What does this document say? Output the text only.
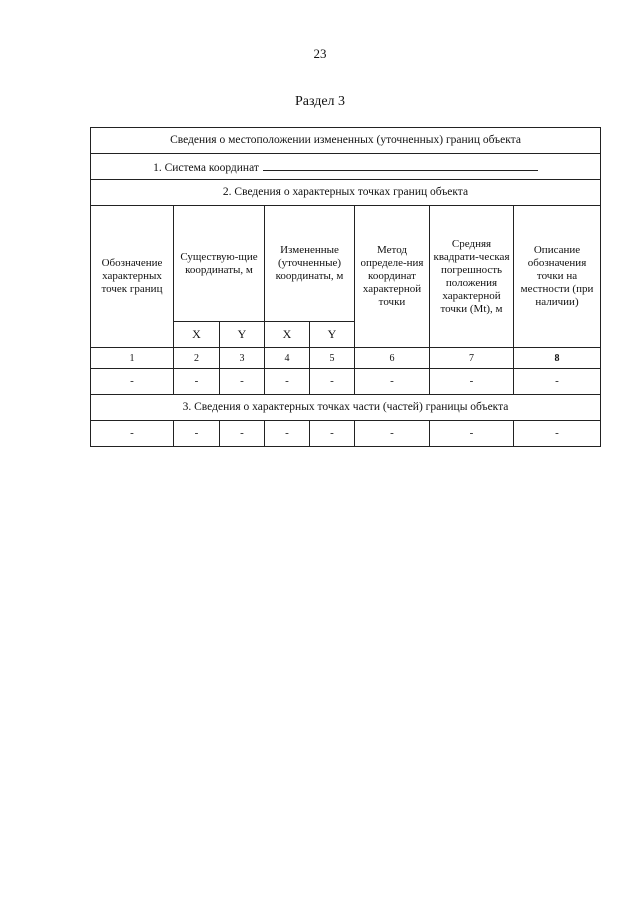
23
Раздел 3
Сведения о местоположении измененных (уточненных) границ объекта							
1. Система координат							
2. Сведения о характерных точках границ объекта							
Обозначение характерных точек границ	Существую-щие координаты, м		Измененные (уточненные) координаты, м		Метод определе-ния координат характерной точки	Средняя квадрати-ческая погрешность положения характерной точки (Mt), м	Описание обозначения точки на местности (при наличии)
	X	Y	X	Y			
1	2	3	4	5	6	7	8
-	-	-	-	-	-	-	-
3. Сведения о характерных точках части (частей) границы объекта							
-	-	-	-	-	-	-	-
